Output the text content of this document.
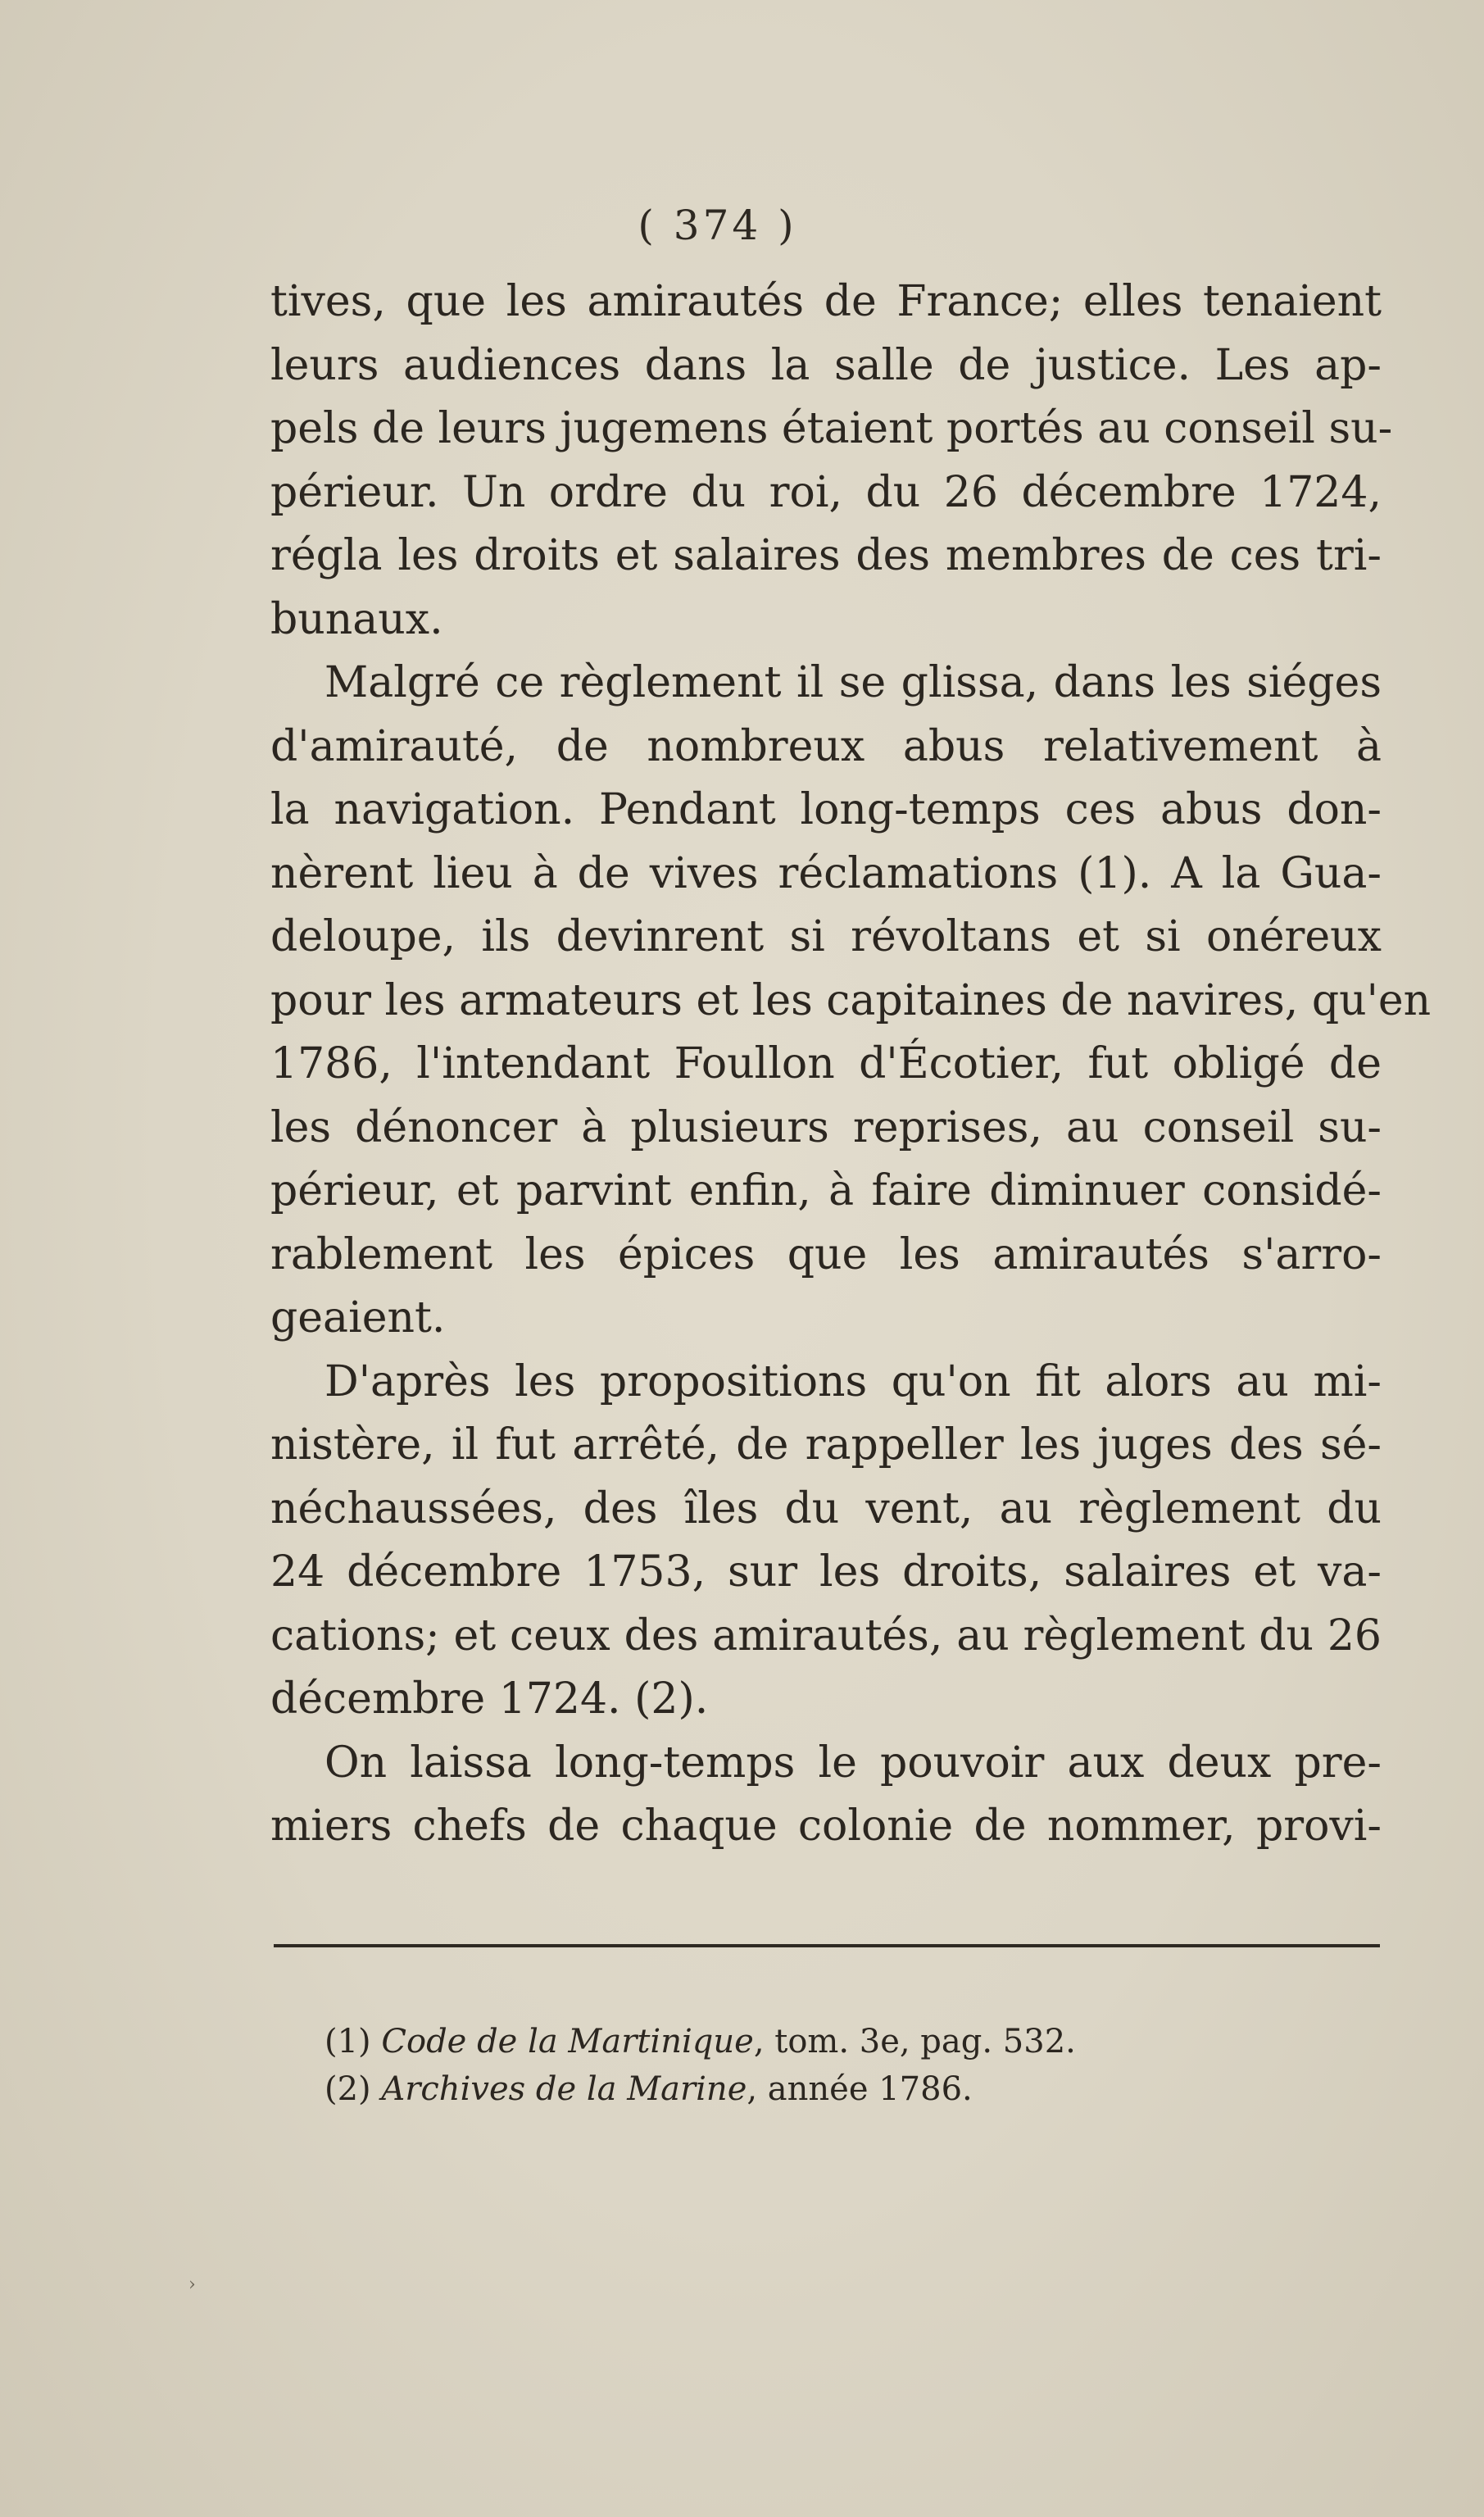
( 374 )

tives, que les amirautés de France; elles tenaient

leurs audiences dans la salle de justice. Les ap-

pels de leurs jugemens étaient portés au conseil su-

périeur. Un ordre du roi, du 26 décembre 1724,

régla les droits et salaires des membres de ces tri-

bunaux.

Malgré ce règlement il se glissa, dans les siéges

d'amirauté, de nombreux abus relativement à

la navigation. Pendant long-temps ces abus don-

nèrent lieu à de vives réclamations (1). A la Gua-

deloupe, ils devinrent si révoltans et si onéreux

pour les armateurs et les capitaines de navires, qu'en

1786, l'intendant Foullon d'Écotier, fut obligé de

les dénoncer à plusieurs reprises, au conseil su-

périeur, et parvint enfin, à faire diminuer considé-

rablement les épices que les amirautés s'arro-

geaient.

D'après les propositions qu'on fit alors au mi-

nistère, il fut arrêté, de rappeller les juges des sé-

néchaussées, des îles du vent, au règlement du

24 décembre 1753, sur les droits, salaires et va-

cations; et ceux des amirautés, au règlement du 26

décembre 1724. (2).

On laissa long-temps le pouvoir aux deux pre-

miers chefs de chaque colonie de nommer, provi-

(1) Code de la Martinique, tom. 3e, pag. 532.

(2) Archives de la Marine, année 1786.

›
